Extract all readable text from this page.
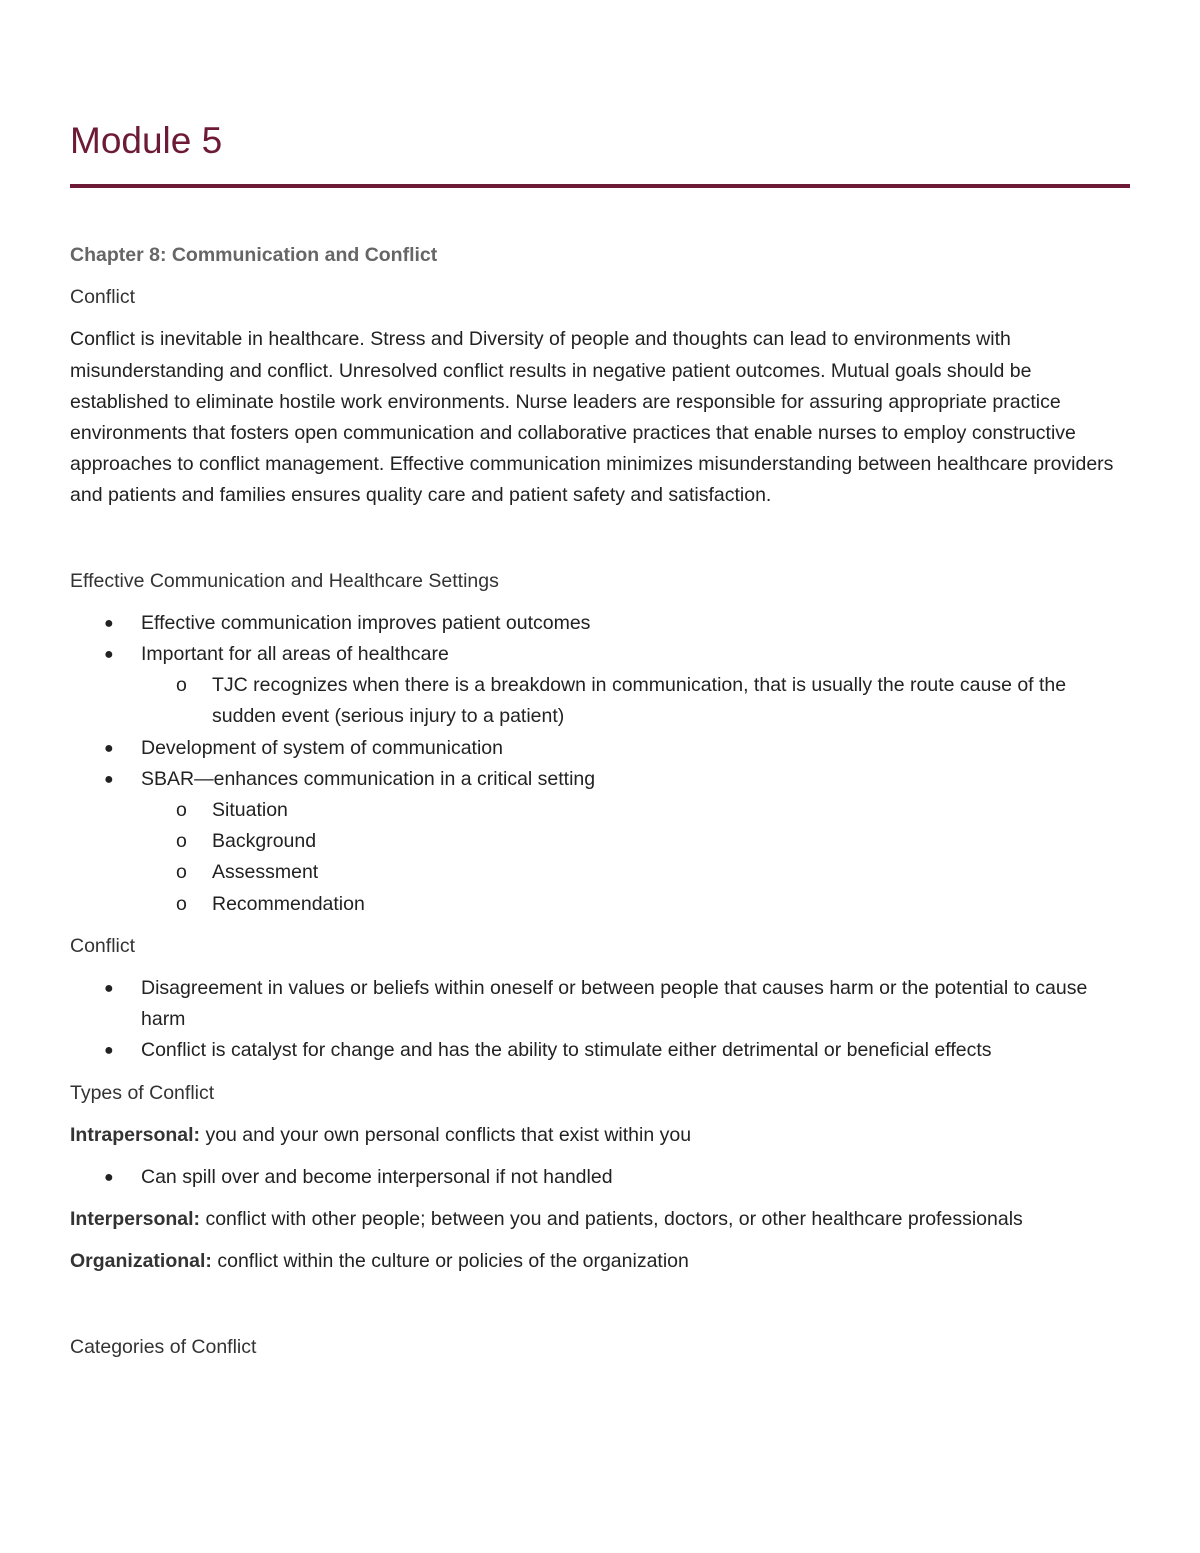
Module 5

Chapter 8: Communication and Conflict

Conflict

Conflict is inevitable in healthcare. Stress and Diversity of people and thoughts can lead to environments with misunderstanding and conflict. Unresolved conflict results in negative patient outcomes. Mutual goals should be established to eliminate hostile work environments. Nurse leaders are responsible for assuring appropriate practice environments that fosters open communication and collaborative practices that enable nurses to employ constructive approaches to conflict management. Effective communication minimizes misunderstanding between healthcare providers and patients and families ensures quality care and patient safety and satisfaction.

Effective Communication and Healthcare Settings

● Effective communication improves patient outcomes
● Important for all areas of healthcare
o TJC recognizes when there is a breakdown in communication, that is usually the route cause of the sudden event (serious injury to a patient)
● Development of system of communication
● SBAR—enhances communication in a critical setting
o Situation
o Background
o Assessment
o Recommendation

Conflict

● Disagreement in values or beliefs within oneself or between people that causes harm or the potential to cause harm
● Conflict is catalyst for change and has the ability to stimulate either detrimental or beneficial effects

Types of Conflict

Intrapersonal: you and your own personal conflicts that exist within you

● Can spill over and become interpersonal if not handled

Interpersonal: conflict with other people; between you and patients, doctors, or other healthcare professionals

Organizational: conflict within the culture or policies of the organization

Categories of Conflict
